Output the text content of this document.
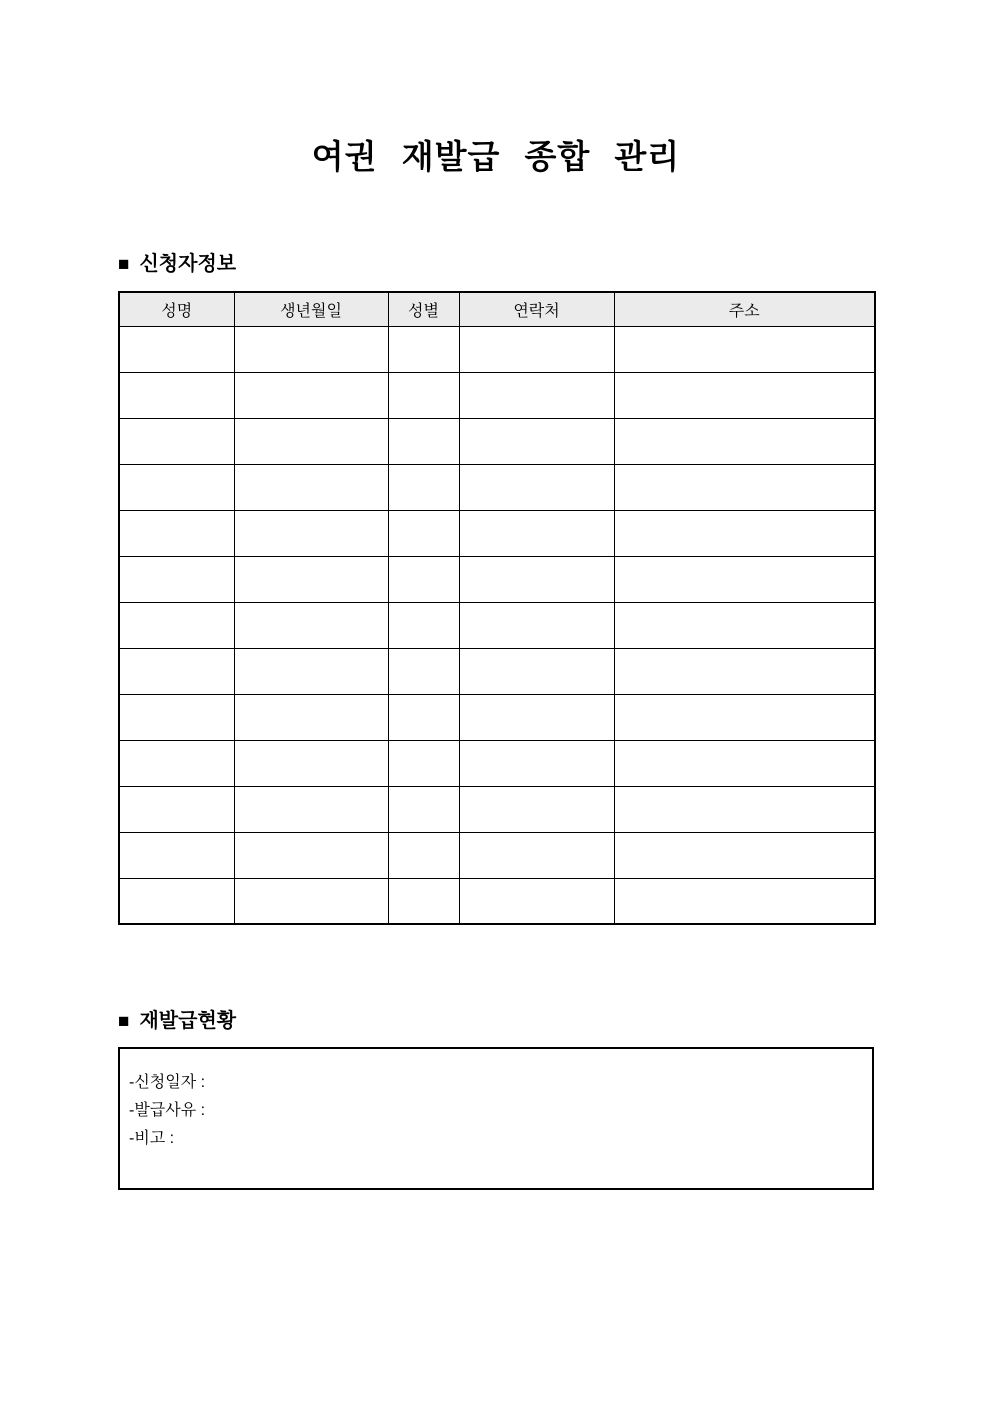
여권 재발급 종합 관리
■ 신청자정보
성명	생년월일	성별	연락처	주소

■ 재발급현황
-신청일자 :
-발급사유 :
-비고 :
